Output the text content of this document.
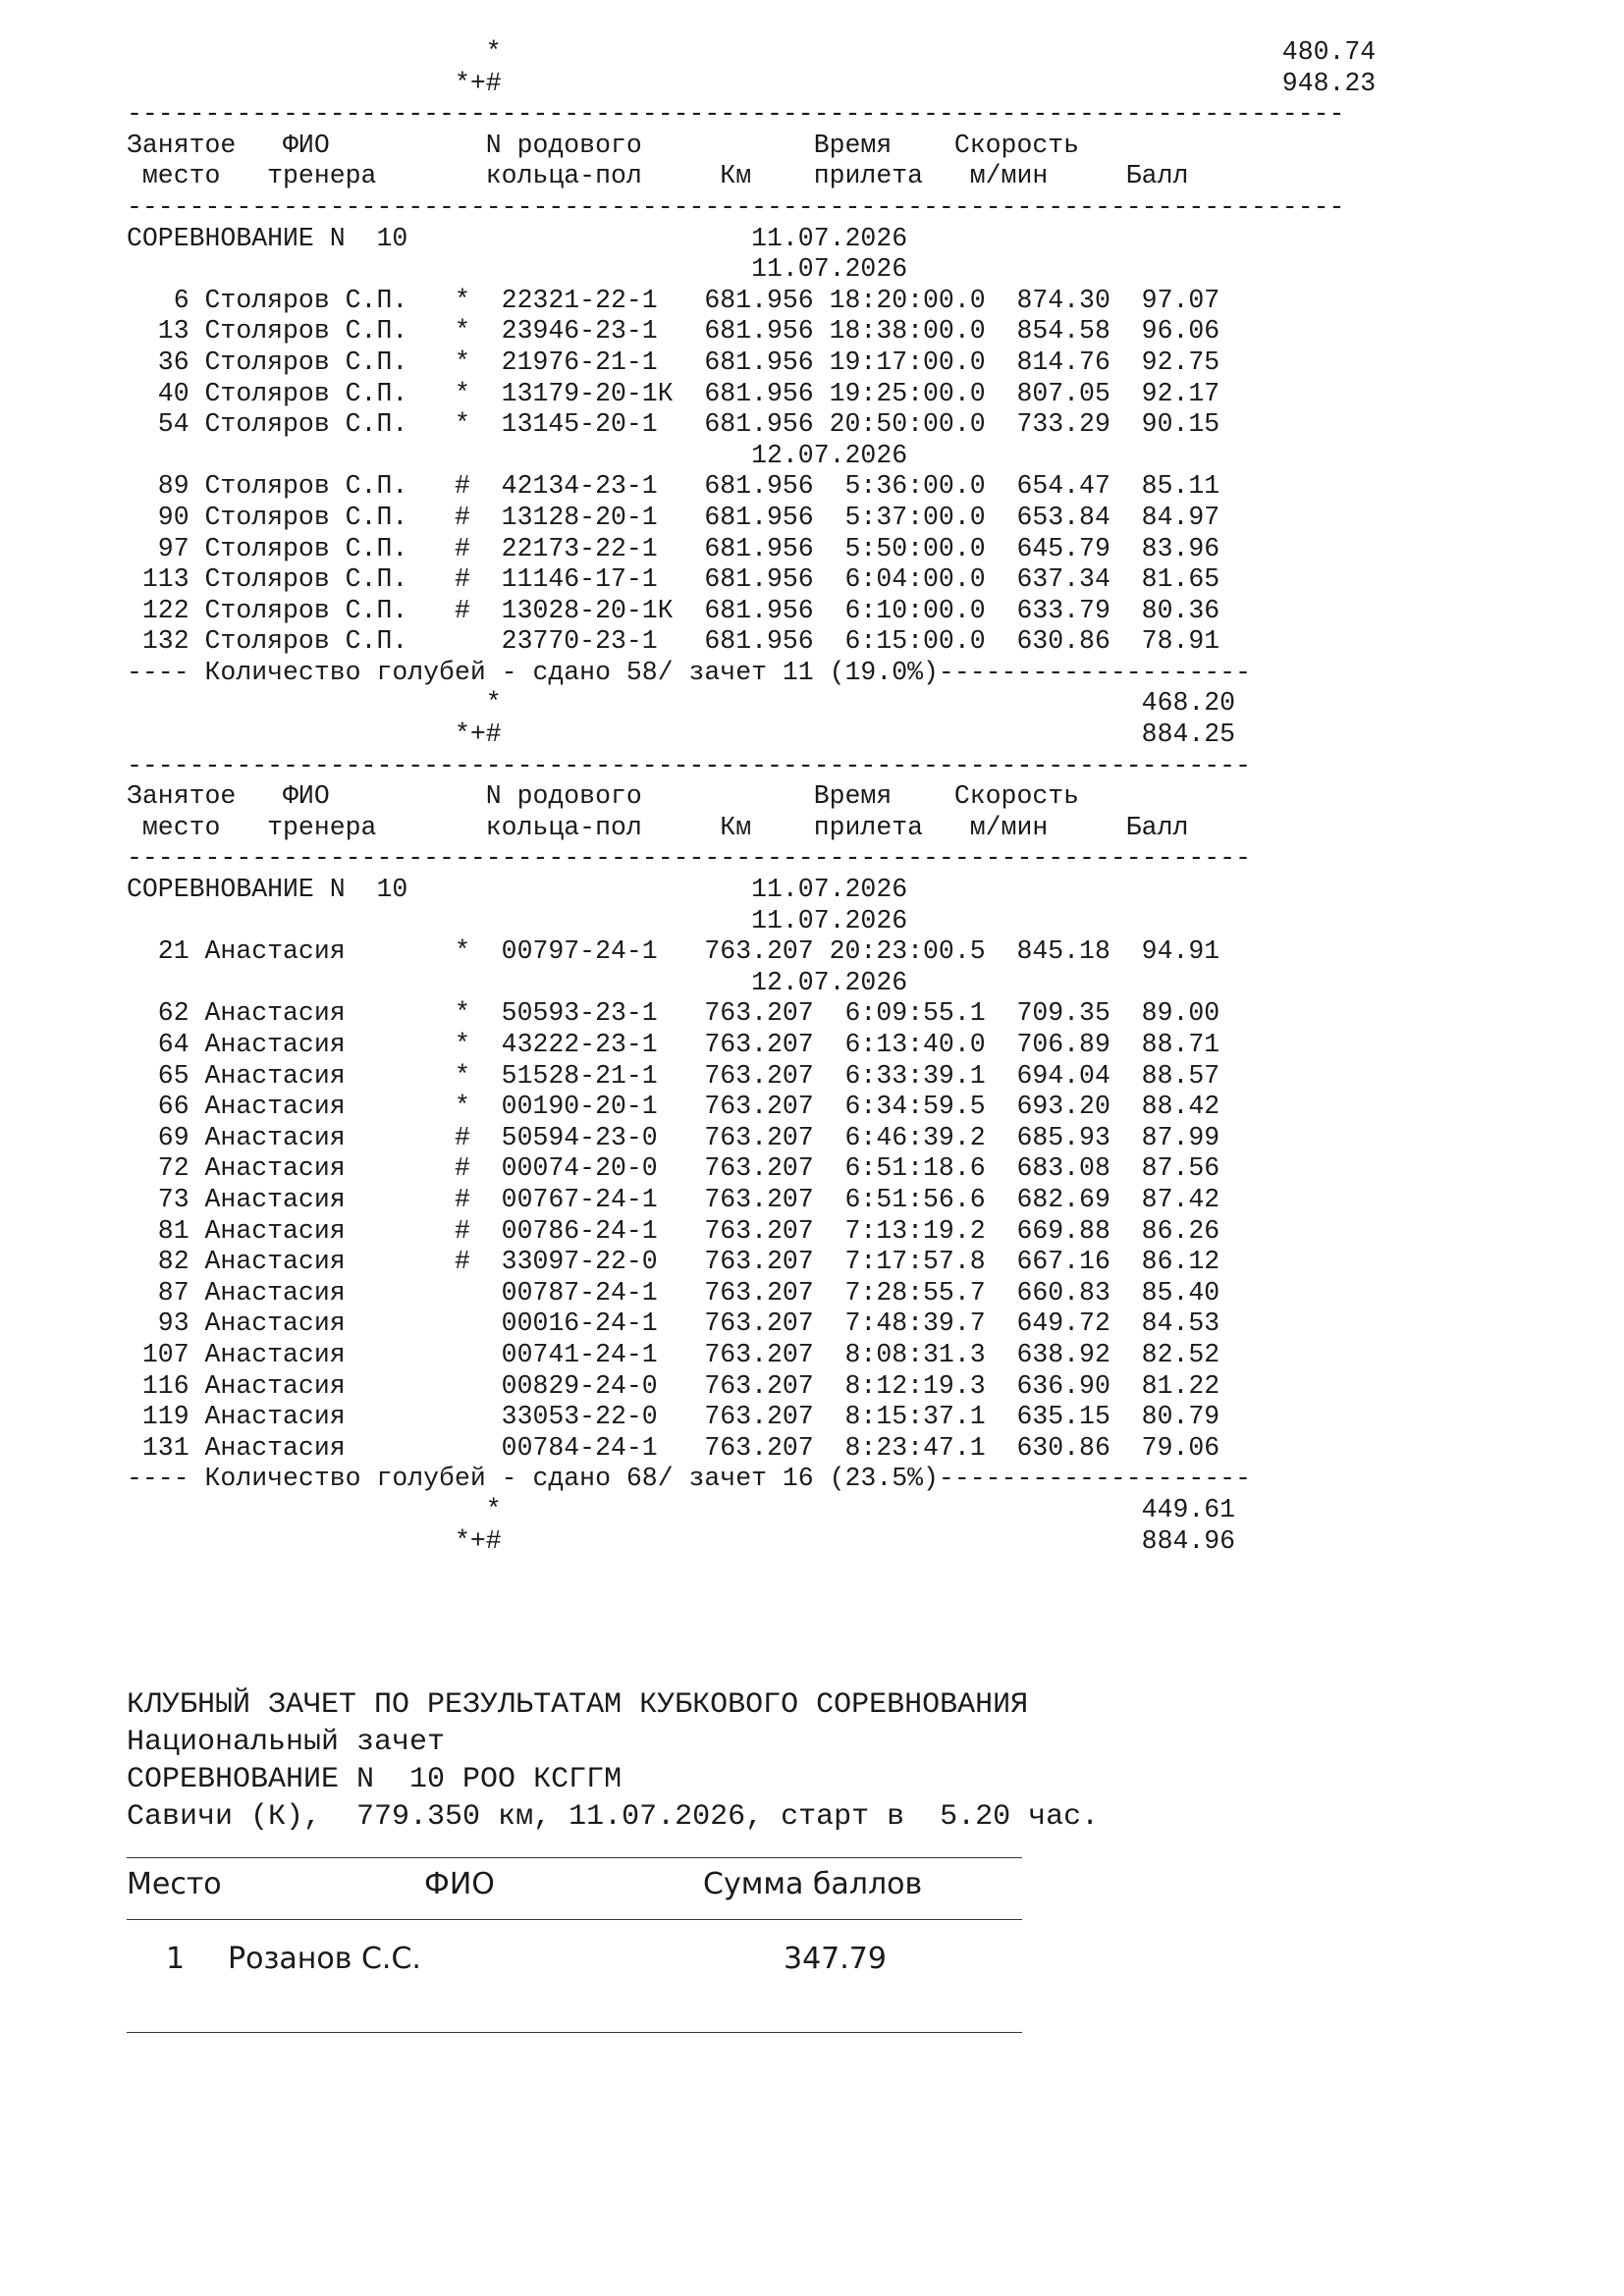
*                                                  480.74
*+#                                                  948.23
------------------------------------------------------------------------------
Занятое   ФИО          N родового           Время    Скорость
место   тренера       кольца-пол     Км    прилета   м/мин     Балл
------------------------------------------------------------------------------
СОРЕВНОВАНИЕ N  10                      11.07.2026
11.07.2026
6 Столяров С.П.   *  22321-22-1   681.956 18:20:00.0  874.30  97.07
13 Столяров С.П.   *  23946-23-1   681.956 18:38:00.0  854.58  96.06
36 Столяров С.П.   *  21976-21-1   681.956 19:17:00.0  814.76  92.75
40 Столяров С.П.   *  13179-20-1К  681.956 19:25:00.0  807.05  92.17
54 Столяров С.П.   *  13145-20-1   681.956 20:50:00.0  733.29  90.15
12.07.2026
89 Столяров С.П.   #  42134-23-1   681.956  5:36:00.0  654.47  85.11
90 Столяров С.П.   #  13128-20-1   681.956  5:37:00.0  653.84  84.97
97 Столяров С.П.   #  22173-22-1   681.956  5:50:00.0  645.79  83.96
113 Столяров С.П.   #  11146-17-1   681.956  6:04:00.0  637.34  81.65
122 Столяров С.П.   #  13028-20-1К  681.956  6:10:00.0  633.79  80.36
132 Столяров С.П.      23770-23-1   681.956  6:15:00.0  630.86  78.91
---- Количество голубей - сдано 58/ зачет 11 (19.0%)--------------------
*                                         468.20
*+#                                         884.25
------------------------------------------------------------------------
Занятое   ФИО          N родового           Время    Скорость
место   тренера       кольца-пол     Км    прилета   м/мин     Балл
------------------------------------------------------------------------
СОРЕВНОВАНИЕ N  10                      11.07.2026
11.07.2026
21 Анастасия       *  00797-24-1   763.207 20:23:00.5  845.18  94.91
12.07.2026
62 Анастасия       *  50593-23-1   763.207  6:09:55.1  709.35  89.00
64 Анастасия       *  43222-23-1   763.207  6:13:40.0  706.89  88.71
65 Анастасия       *  51528-21-1   763.207  6:33:39.1  694.04  88.57
66 Анастасия       *  00190-20-1   763.207  6:34:59.5  693.20  88.42
69 Анастасия       #  50594-23-0   763.207  6:46:39.2  685.93  87.99
72 Анастасия       #  00074-20-0   763.207  6:51:18.6  683.08  87.56
73 Анастасия       #  00767-24-1   763.207  6:51:56.6  682.69  87.42
81 Анастасия       #  00786-24-1   763.207  7:13:19.2  669.88  86.26
82 Анастасия       #  33097-22-0   763.207  7:17:57.8  667.16  86.12
87 Анастасия          00787-24-1   763.207  7:28:55.7  660.83  85.40
93 Анастасия          00016-24-1   763.207  7:48:39.7  649.72  84.53
107 Анастасия          00741-24-1   763.207  8:08:31.3  638.92  82.52
116 Анастасия          00829-24-0   763.207  8:12:19.3  636.90  81.22
119 Анастасия          33053-22-0   763.207  8:15:37.1  635.15  80.79
131 Анастасия          00784-24-1   763.207  8:23:47.1  630.86  79.06
---- Количество голубей - сдано 68/ зачет 16 (23.5%)--------------------
*                                         449.61
*+#                                         884.96
КЛУБНЫЙ ЗАЧЕТ ПО РЕЗУЛЬТАТАМ КУБКОВОГО СОРЕВНОВАНИЯ
Национальный зачет
СОРЕВНОВАНИЕ N  10 РОО КСГГМ
Савичи (К),  779.350 км, 11.07.2026, старт в  5.20 час.
Место	ФИО	Сумма баллов
1 Розанов С.С.	347.79
